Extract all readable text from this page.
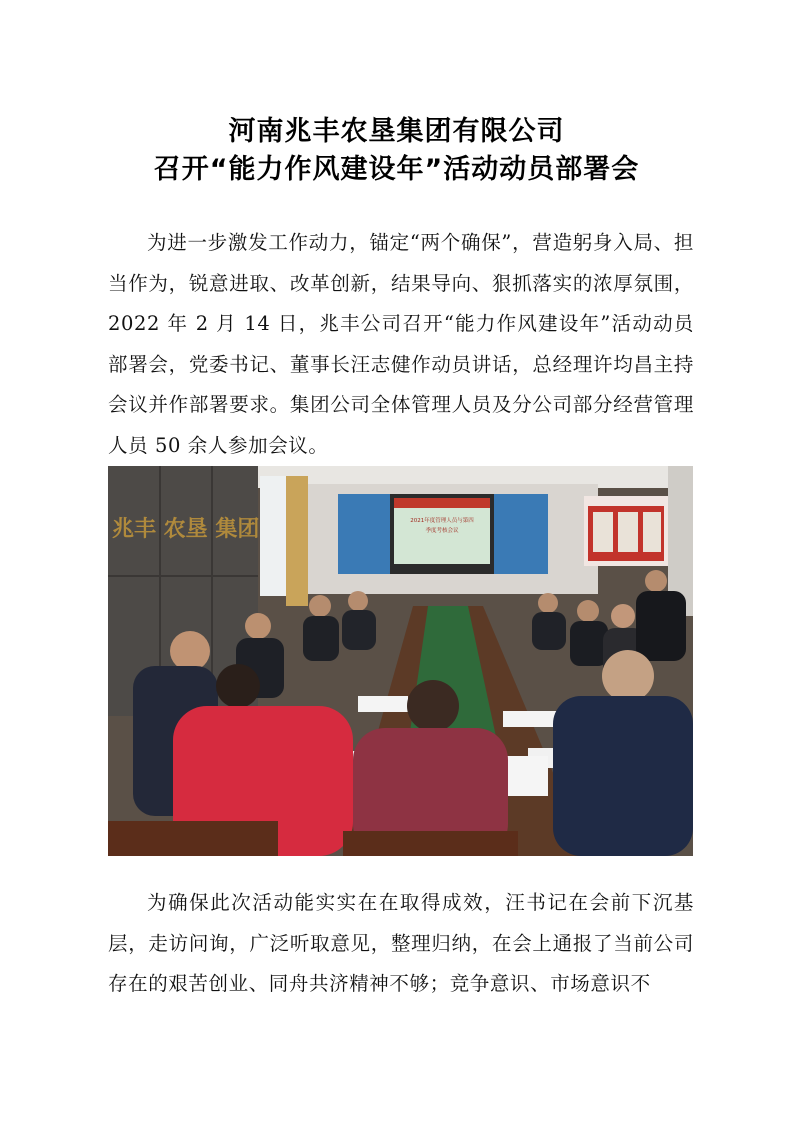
河南兆丰农垦集团有限公司
召开“能力作风建设年”活动动员部署会
为进一步激发工作动力，锚定“两个确保”，营造躬身入局、担当作为，锐意进取、改革创新，结果导向、狠抓落实的浓厚氛围，2022 年 2 月 14 日，兆丰公司召开“能力作风建设年”活动动员部署会，党委书记、董事长汪志健作动员讲话，总经理许均昌主持会议并作部署要求。集团公司全体管理人员及分公司部分经营管理人员 50 余人参加会议。
兆丰 农垦 集团	2021年度管理人员与第四
季度考核会议
为确保此次活动能实实在在取得成效，汪书记在会前下沉基层，走访问询，广泛听取意见，整理归纳，在会上通报了当前公司存在的艰苦创业、同舟共济精神不够；竞争意识、市场意识不
